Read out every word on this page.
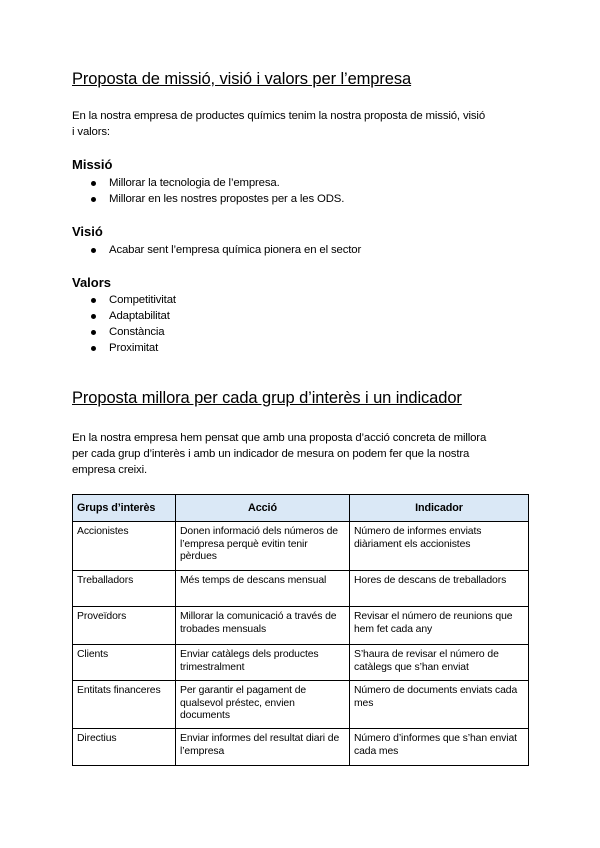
Proposta de missió, visió i valors per l’empresa
En la nostra empresa de productes químics tenim la nostra proposta de missió, visió
i valors:
Missió
Millorar la tecnologia de l’empresa.
Millorar en les nostres propostes per a les ODS.
Visió
Acabar sent l’empresa química pionera en el sector
Valors
Competitivitat
Adaptabilitat
Constància
Proximitat
Proposta millora per cada grup d’interès i un indicador
En la nostra empresa hem pensat que amb una proposta d’acció concreta de millora
per cada grup d’interès i amb un indicador de mesura on podem fer que la nostra
empresa creixi.
Grups d’interès	Acció	Indicador
Accionistes	Donen informació dels números de l’empresa perquè evitin tenir pèrdues	Número de informes enviats diàriament els accionistes
Treballadors	Més temps de descans mensual	Hores de descans de treballadors
Proveïdors	Millorar la comunicació a través de trobades mensuals	Revisar el número de reunions que hem fet cada any
Clients	Enviar catàlegs dels productes trimestralment	S’haura de revisar el número de catàlegs que s’han enviat
Entitats financeres	Per garantir el pagament de qualsevol préstec, envien documents	Número de documents enviats cada mes
Directius	Enviar informes del resultat diari de l’empresa	Número d’informes que s’han enviat cada mes
